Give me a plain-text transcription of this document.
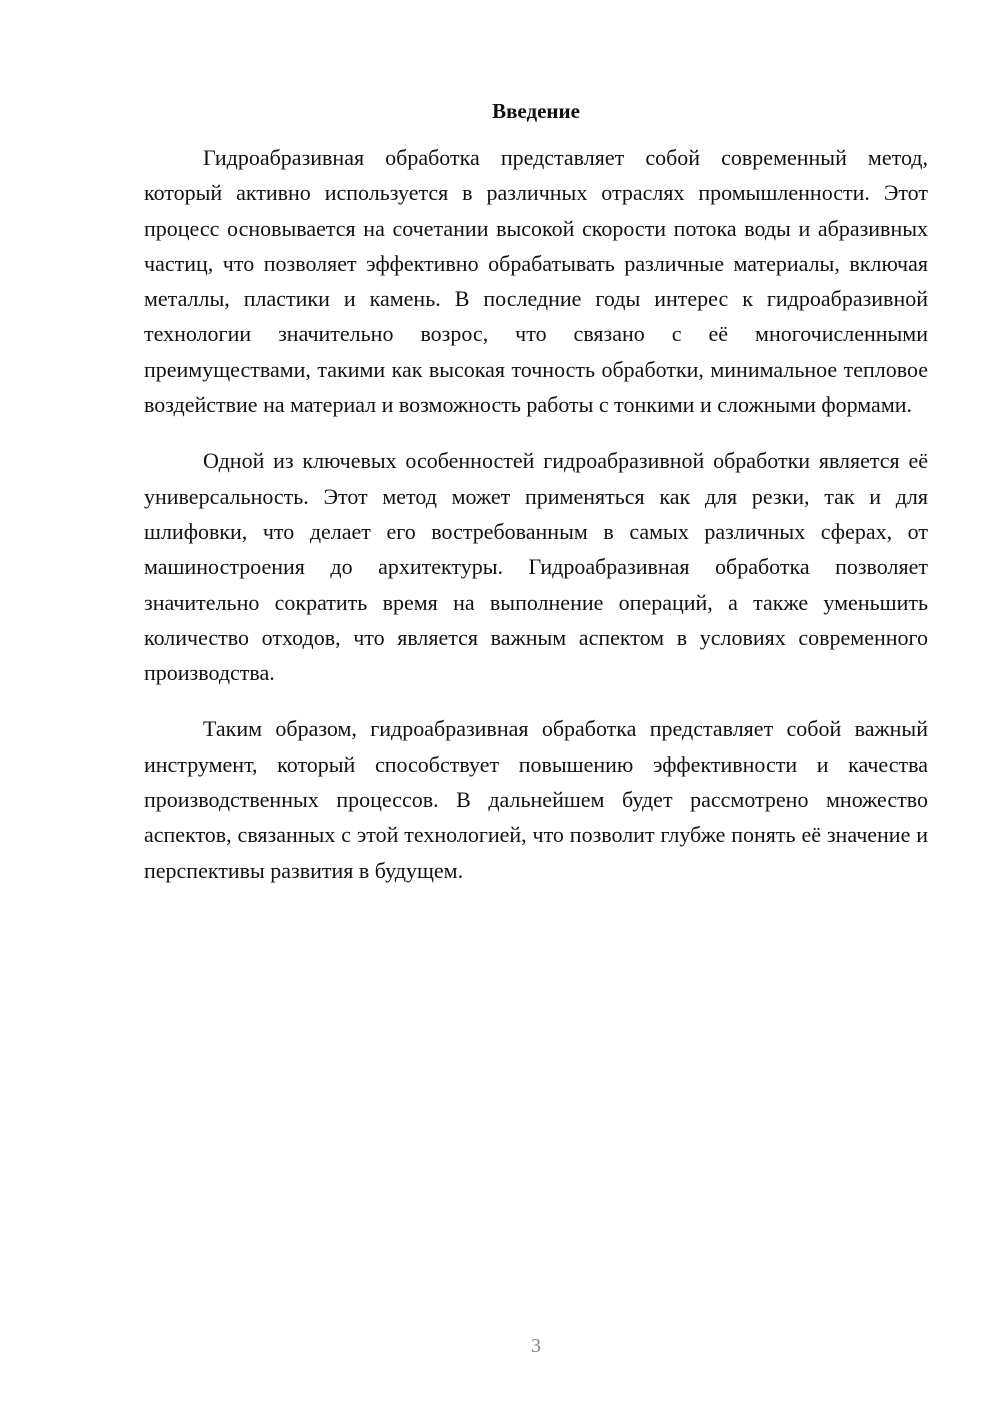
Введение

Гидроабразивная обработка представляет собой современный метод, который активно используется в различных отраслях промышленности. Этот процесс основывается на сочетании высокой скорости потока воды и абразивных частиц, что позволяет эффективно обрабатывать различные материалы, включая металлы, пластики и камень. В последние годы интерес к гидроабразивной технологии значительно возрос, что связано с её многочисленными преимуществами, такими как высокая точность обработки, минимальное тепловое воздействие на материал и возможность работы с тонкими и сложными формами.

Одной из ключевых особенностей гидроабразивной обработки является её универсальность. Этот метод может применяться как для резки, так и для шлифовки, что делает его востребованным в самых различных сферах, от машиностроения до архитектуры. Гидроабразивная обработка позволяет значительно сократить время на выполнение операций, а также уменьшить количество отходов, что является важным аспектом в условиях современного производства.

Таким образом, гидроабразивная обработка представляет собой важный инструмент, который способствует повышению эффективности и качества производственных процессов. В дальнейшем будет рассмотрено множество аспектов, связанных с этой технологией, что позволит глубже понять её значение и перспективы развития в будущем.

3
